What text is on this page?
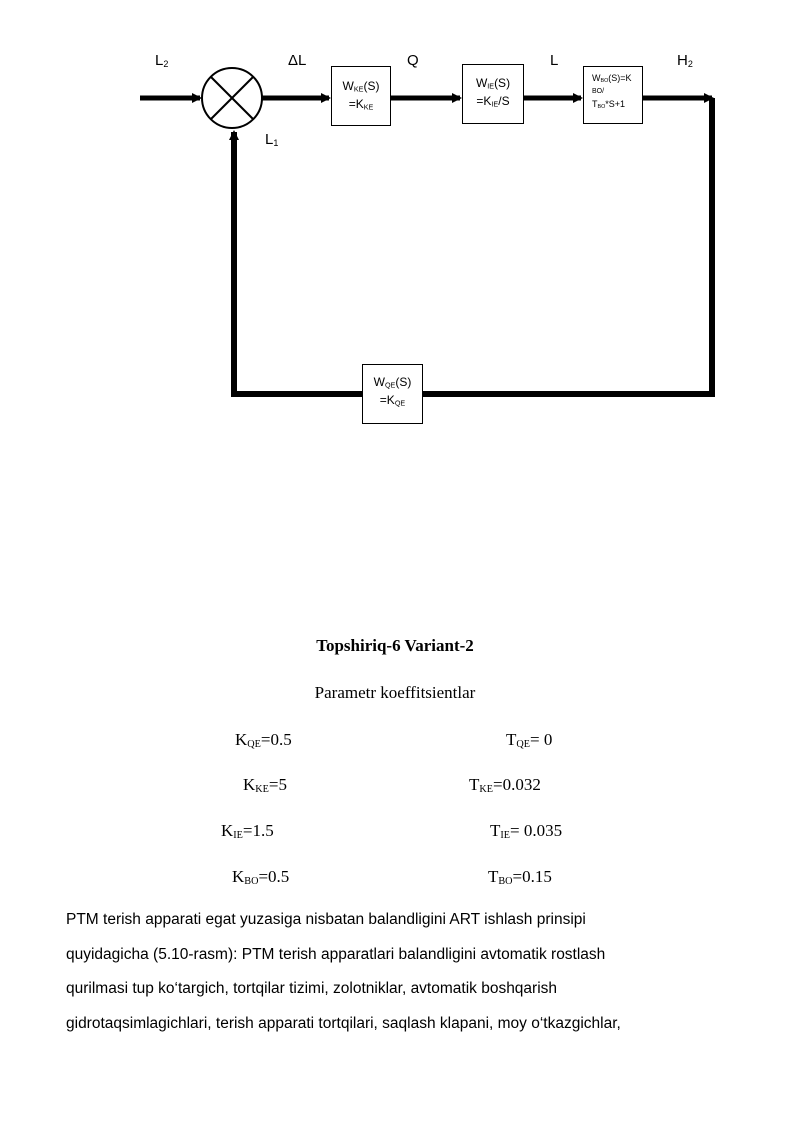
$L_2$	ΔL	Q	L	$H_2$
$L_1$
$W_{KE}(S)$
$=K_{KE}$
$W_{IE}(S)$
$=K_{IE}/S$
$W_{BO}(S)=K$
BO/
$T_{BO}*S+1$
$W_{QE}(S)$
$=K_{QE}$
Topshiriq-6 Variant-2
Parametr koeffitsientlar
$K_{QE}=0.5$	$T_{QE}= 0$
$K_{KE}=5$	$T_{KE}=0.032$
$K_{IE}=1.5$	$T_{IE}= 0.035$
$K_{BO}=0.5$	$T_{BO}=0.15$
PTM terish apparati egat yuzasiga nisbatan balandligini ART ishlash prinsipi
quyidagicha (5.10-rasm): PTM terish apparatlari balandligini avtomatik rostlash
qurilmasi tup ko‘targich, tortqilar tizimi, zolotniklar, avtomatik boshqarish
gidrotaqsimlagichlari, terish apparati tortqilari, saqlash klapani, moy o‘tkazgichlar,
